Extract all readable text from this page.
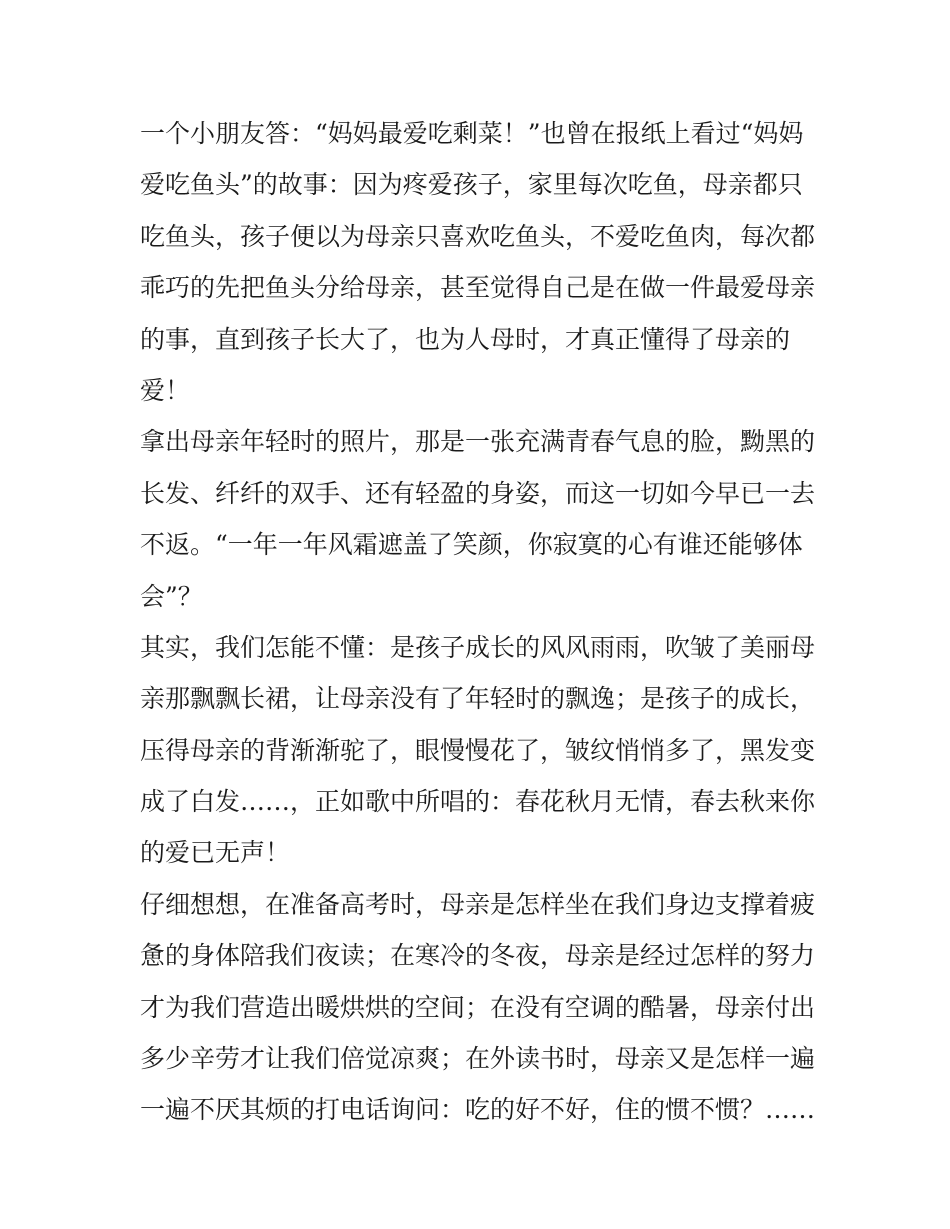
一个小朋友答：“妈妈最爱吃剩菜！”也曾在报纸上看过“妈妈
爱吃鱼头”的故事：因为疼爱孩子，家里每次吃鱼，母亲都只
吃鱼头，孩子便以为母亲只喜欢吃鱼头，不爱吃鱼肉，每次都
乖巧的先把鱼头分给母亲，甚至觉得自己是在做一件最爱母亲
的事，直到孩子长大了，也为人母时，才真正懂得了母亲的
爱！
拿出母亲年轻时的照片，那是一张充满青春气息的脸，黝黑的
长发、纤纤的双手、还有轻盈的身姿，而这一切如今早已一去
不返。“一年一年风霜遮盖了笑颜，你寂寞的心有谁还能够体
会”？
其实，我们怎能不懂：是孩子成长的风风雨雨，吹皱了美丽母
亲那飘飘长裙，让母亲没有了年轻时的飘逸；是孩子的成长，
压得母亲的背渐渐驼了，眼慢慢花了，皱纹悄悄多了，黑发变
成了白发……，正如歌中所唱的：春花秋月无情，春去秋来你
的爱已无声！
仔细想想，在准备高考时，母亲是怎样坐在我们身边支撑着疲
惫的身体陪我们夜读；在寒冷的冬夜，母亲是经过怎样的努力
才为我们营造出暖烘烘的空间；在没有空调的酷暑，母亲付出
多少辛劳才让我们倍觉凉爽；在外读书时，母亲又是怎样一遍
一遍不厌其烦的打电话询问：吃的好不好，住的惯不惯？……
